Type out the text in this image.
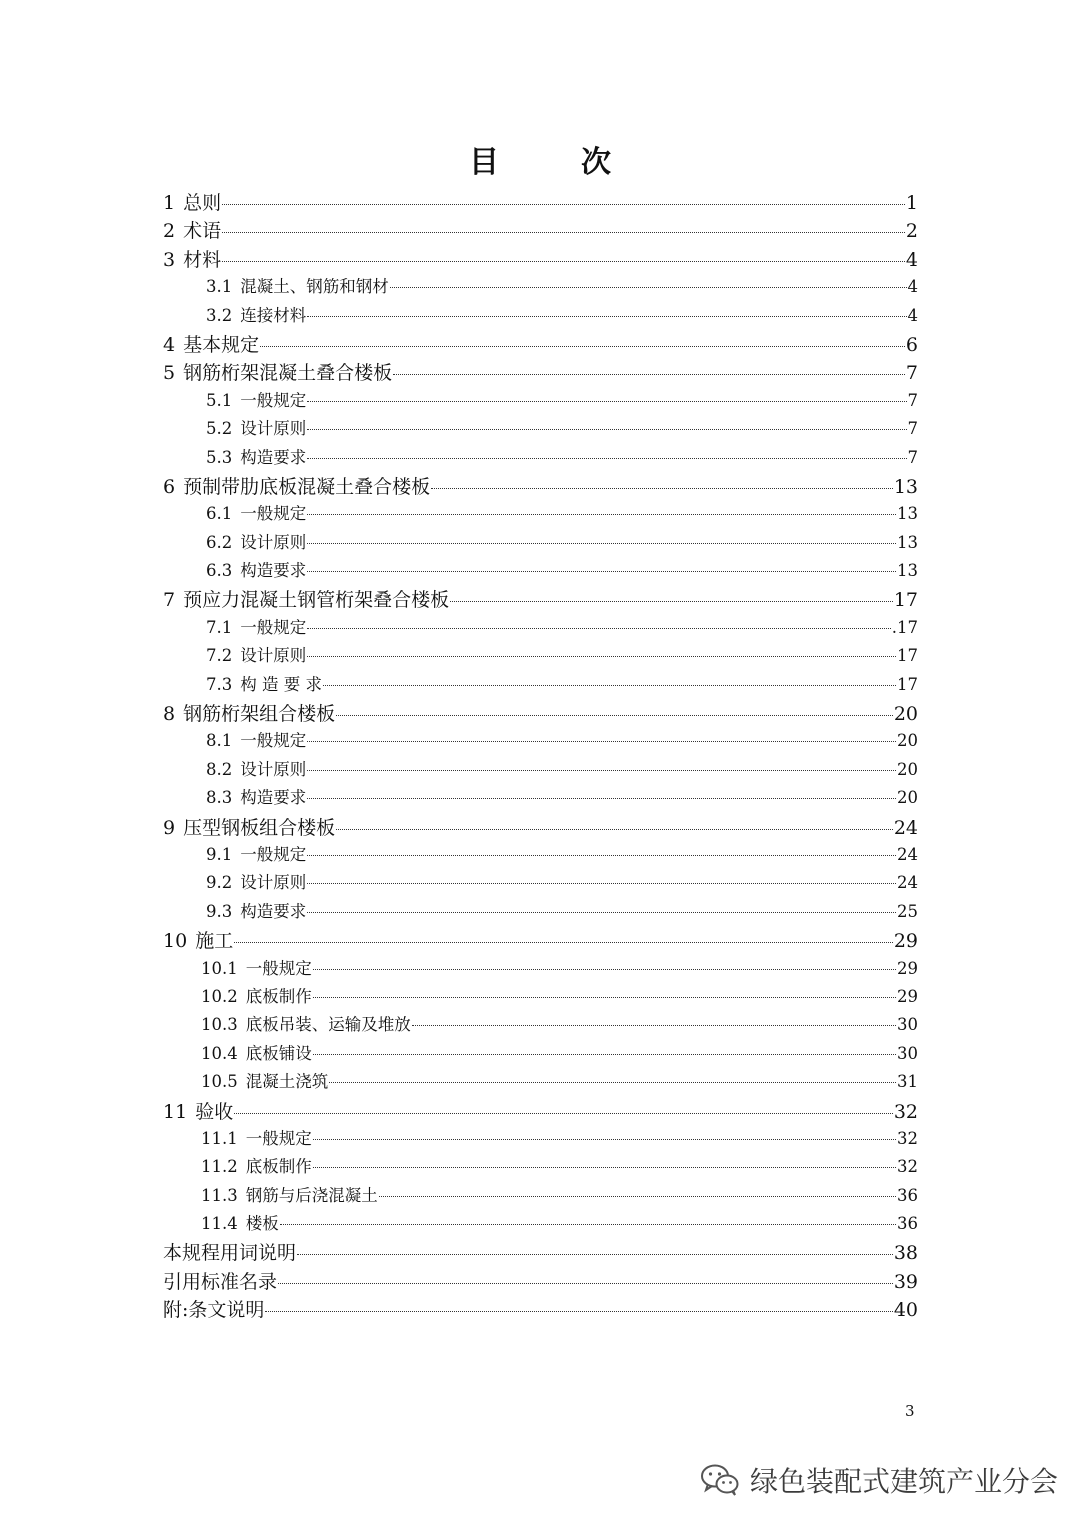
目　次
1 总则	1
2 术语	2
3 材料	4
3.1 混凝土、钢筋和钢材	4
3.2 连接材料	4
4 基本规定	6
5 钢筋桁架混凝土叠合楼板	7
5.1 一般规定	7
5.2 设计原则	7
5.3 构造要求	7
6 预制带肋底板混凝土叠合楼板	13
6.1 一般规定	13
6.2 设计原则	13
6.3 构造要求	13
7 预应力混凝土钢管桁架叠合楼板	17
7.1 一般规定	.17
7.2 设计原则	17
7.3 构 造 要 求	17
8 钢筋桁架组合楼板	20
8.1 一般规定	20
8.2 设计原则	20
8.3 构造要求	20
9 压型钢板组合楼板	24
9.1 一般规定	24
9.2 设计原则	24
9.3 构造要求	25
10 施工	29
10.1 一般规定	29
10.2 底板制作	29
10.3 底板吊装、运输及堆放	30
10.4 底板铺设	30
10.5 混凝土浇筑	31
11 验收	32
11.1 一般规定	32
11.2 底板制作	32
11.3 钢筋与后浇混凝土	36
11.4 楼板	36
本规程用词说明	38
引用标准名录	39
附:条文说明	40
3
绿色装配式建筑产业分会
